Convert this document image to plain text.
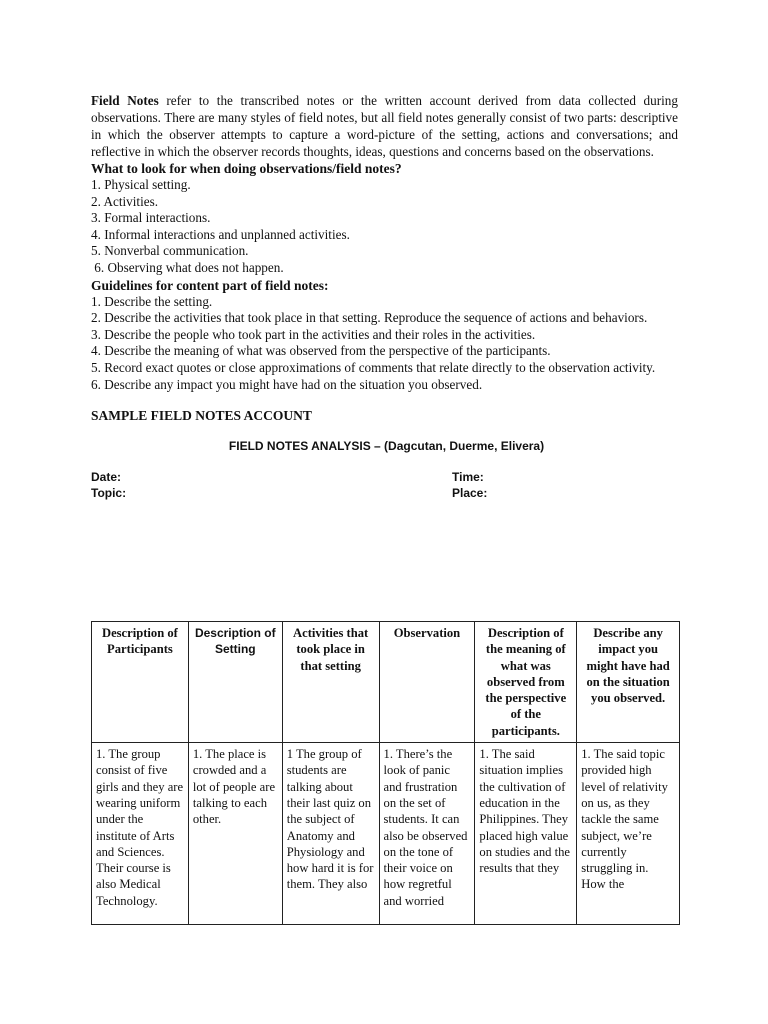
Field Notes refer to the transcribed notes or the written account derived from data collected during observations. There are many styles of field notes, but all field notes generally consist of two parts: descriptive in which the observer attempts to capture a word-picture of the setting, actions and conversations; and reflective in which the observer records thoughts, ideas, questions and concerns based on the observations.

What to look for when doing observations/field notes?
1. Physical setting.
2. Activities.
3. Formal interactions.
4. Informal interactions and unplanned activities.
5. Nonverbal communication.
6. Observing what does not happen.
Guidelines for content part of field notes:
1. Describe the setting.
2. Describe the activities that took place in that setting. Reproduce the sequence of actions and behaviors.
3. Describe the people who took part in the activities and their roles in the activities.
4. Describe the meaning of what was observed from the perspective of the participants.
5. Record exact quotes or close approximations of comments that relate directly to the observation activity.
6. Describe any impact you might have had on the situation you observed.
SAMPLE FIELD NOTES ACCOUNT
FIELD NOTES ANALYSIS – (Dagcutan, Duerme, Elivera)
Date:	Time:
Topic:	Place:
Description of Participants	Description of Setting	Activities that took place in that setting	Observation	Description of the meaning of what was observed from the perspective of the participants.	Describe any impact you might have had on the situation you observed.

1. The group consist of five girls and they are wearing uniform under the institute of Arts and Sciences. Their course is also Medical Technology.	1. The place is crowded and a lot of people are talking to each other.	1 The group of students are talking about their last quiz on the subject of Anatomy and Physiology and how hard it is for them. They also	1. There’s the look of panic and frustration on the set of students. It can also be observed on the tone of their voice on how regretful and worried	1. The said situation implies the cultivation of education in the Philippines. They placed high value on studies and the results that they	1. The said topic provided high level of relativity on us, as they tackle the same subject, we’re currently struggling in. How the
